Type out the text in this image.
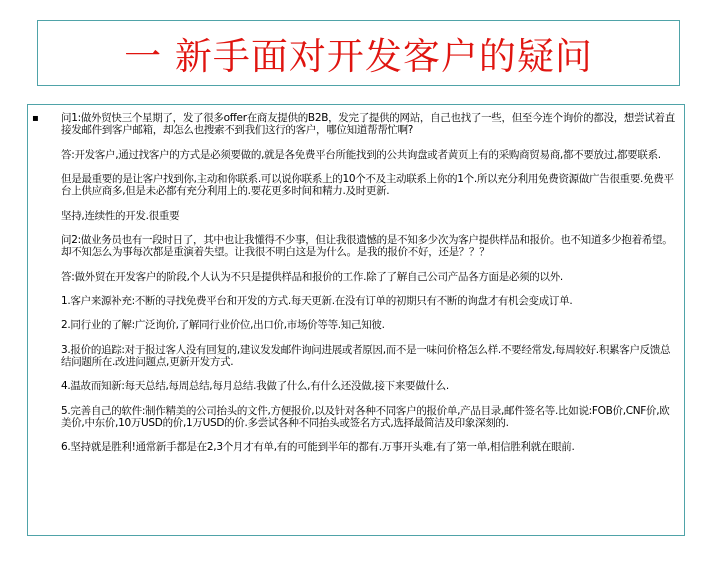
一 新手面对开发客户的疑问
▪ 问1:做外贸快三个星期了，发了很多offer在商友提供的B2B，发完了提供的网站，自己也找了一些，但至今连个询价的都没，想尝试着直接发邮件到客户邮箱，却怎么也搜索不到我们这行的客户，哪位知道帮帮忙啊?

答:开发客户,通过找客户的方式是必须要做的,就是各免费平台所能找到的公共询盘或者黄页上有的采购商贸易商,都不要放过,都要联系.

但是最重要的是让客户找到你,主动和你联系.可以说你联系上的10个不及主动联系上你的1个.所以充分利用免费资源做广告很重要.免费平台上供应商多,但是未必都有充分利用上的.要花更多时间和精力.及时更新.

坚持,连续性的开发.很重要

问2:做业务员也有一段时日了，其中也让我懂得不少事，但让我很遗憾的是不知多少次为客户提供样品和报价。也不知道多少抱着希望。却不知怎么为事每次都是重演着失望。让我很不明白这是为什么。是我的报价不好，还是？？？

答:做外贸在开发客户的阶段,个人认为不只是提供样品和报价的工作.除了了解自己公司产品各方面是必须的以外.

1.客户来源补充:不断的寻找免费平台和开发的方式.每天更新.在没有订单的初期只有不断的询盘才有机会变成订单.

2.同行业的了解:广泛询价,了解同行业价位,出口价,市场价等等.知己知彼.

3.报价的追踪:对于报过客人没有回复的,建议发发邮件询问进展或者原因,而不是一味问价格怎么样.不要经常发,每周较好.积累客户反馈总结问题所在.改进问题点,更新开发方式.

4.温故而知新:每天总结,每周总结,每月总结.我做了什么,有什么还没做,接下来要做什么.

5.完善自己的软件:制作精美的公司抬头的文件,方便报价,以及针对各种不同客户的报价单,产品目录,邮件签名等.比如说:FOB价,CNF价,欧美价,中东价,10万USD的价,1万USD的价.多尝试各种不同抬头或签名方式,选择最简洁及印象深刻的.

6.坚持就是胜利!通常新手都是在2,3个月才有单,有的可能到半年的都有.万事开头难,有了第一单,相信胜利就在眼前.
